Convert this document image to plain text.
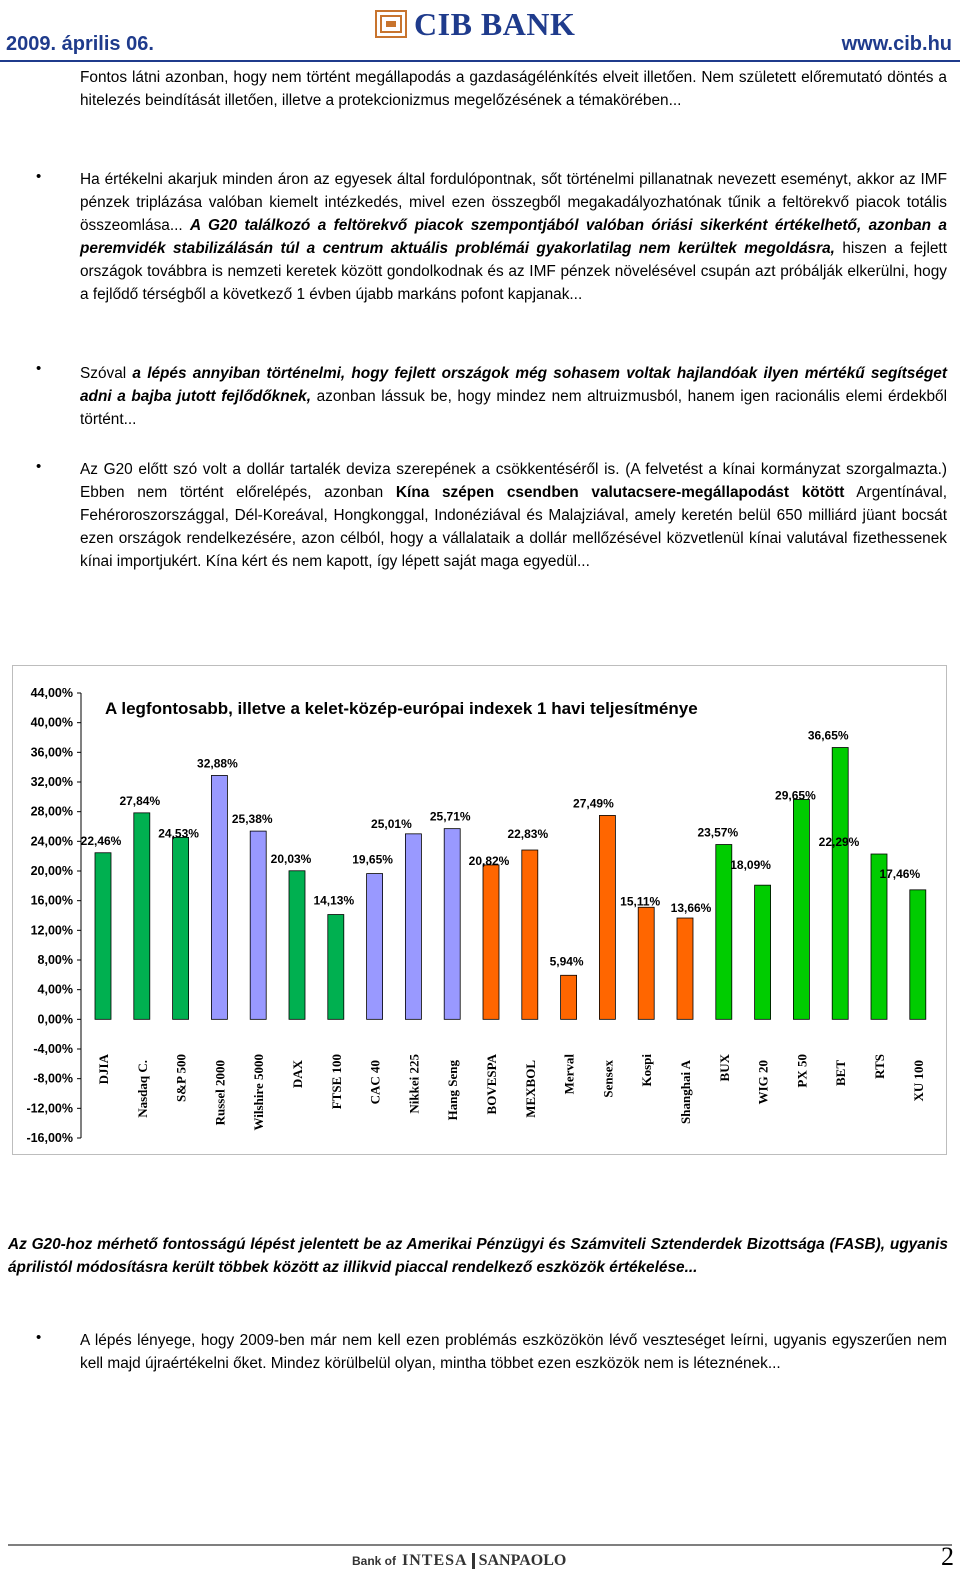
2009. április 06.
CIB BANK
www.cib.hu
Fontos látni azonban, hogy nem történt megállapodás a gazdaságélénkítés elveit illetően. Nem született előremutató döntés a hitelezés beindítását illetően, illetve a protekcionizmus megelőzésének a témakörében...
•	Ha értékelni akarjuk minden áron az egyesek által fordulópontnak, sőt történelmi pillanatnak nevezett eseményt, akkor az IMF pénzek triplázása valóban kiemelt intézkedés, mivel ezen összegből megakadályozhatónak tűnik a feltörekvő piacok totális összeomlása... A G20 találkozó a feltörekvő piacok szempontjából valóban óriási sikerként értékelhető, azonban a peremvidék stabilizálásán túl a centrum aktuális problémái gyakorlatilag nem kerültek megoldásra, hiszen a fejlett országok továbbra is nemzeti keretek között gondolkodnak és az IMF pénzek növelésével csupán azt próbálják elkerülni, hogy a fejlődő térségből a következő 1 évben újabb markáns pofont kapjanak...
•	Szóval a lépés annyiban történelmi, hogy fejlett országok még sohasem voltak hajlandóak ilyen mértékű segítséget adni a bajba jutott fejlődőknek, azonban lássuk be, hogy mindez nem altruizmusból, hanem igen racionális elemi érdekből történt...
•	Az G20 előtt szó volt a dollár tartalék deviza szerepének a csökkentéséről is. (A felvetést a kínai kormányzat szorgalmazta.) Ebben nem történt előrelépés, azonban Kína szépen csendben valutacsere-megállapodást kötött Argentínával, Fehéroroszországgal, Dél-Koreával, Hongkonggal, Indonéziával és Malajziával, amely keretén belül 650 milliárd jüant bocsát ezen országok rendelkezésére, azon célból, hogy a vállalataik a dollár mellőzésével közvetlenül kínai valutával fizethessenek kínai importjukért. Kína kért és nem kapott, így lépett saját maga egyedül...
44,00%
40,00%
36,00%
32,00%
28,00%
24,00%
20,00%
16,00%
12,00%
8,00%
4,00%
0,00%
-4,00%
-8,00%
-12,00%
-16,00%
A legfontosabb, illetve a kelet-közép-európai indexek 1 havi teljesítménye
22,46%
DJIA
27,84%
Nasdaq C.
24,53%
S&P 500
32,88%
Russel 2000
25,38%
Wilshire 5000
20,03%
DAX
14,13%
FTSE 100
19,65%
CAC 40
25,01%
Nikkei 225
25,71%
Hang Seng
20,82%
BOVESPA
22,83%
MEXBOL
5,94%
Merval
27,49%
Sensex
15,11%
Kospi
13,66%
Shanghai A
23,57%
BUX
18,09%
WIG 20
29,65%
PX 50
36,65%
BET
22,29%
RTS
17,46%
XU 100
Az G20-hoz mérhető fontosságú lépést jelentett be az Amerikai Pénzügyi és Számviteli Sztenderdek Bizottsága (FASB), ugyanis áprilistól módosításra került többek között az illikvid piaccal rendelkező eszközök értékelése...
•	A lépés lényege, hogy 2009-ben már nem kell ezen problémás eszközökön lévő veszteséget leírni, ugyanis egyszerűen nem kell majd újraértékelni őket. Mindez körülbelül olyan, mintha többet ezen eszközök nem is léteznének...
Bank of INTESA SANPAOLO	2
